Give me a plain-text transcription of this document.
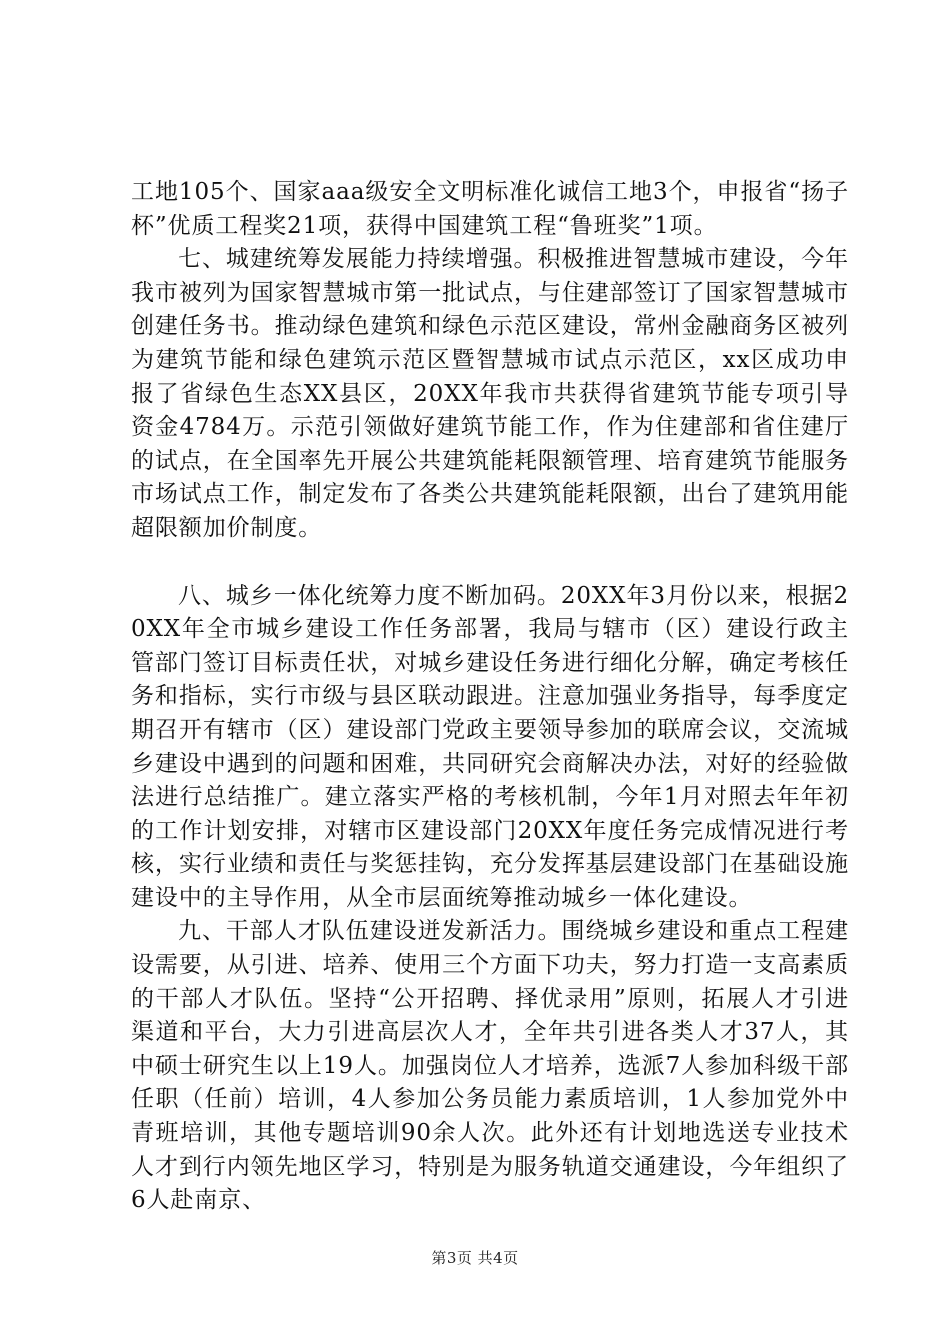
工地105个、国家aaa级安全文明标准化诚信工地3个，申报省“扬子杯”优质工程奖21项，获得中国建筑工程“鲁班奖”1项。

七、城建统筹发展能力持续增强。积极推进智慧城市建设，今年我市被列为国家智慧城市第一批试点，与住建部签订了国家智慧城市创建任务书。推动绿色建筑和绿色示范区建设，常州金融商务区被列为建筑节能和绿色建筑示范区暨智慧城市试点示范区，xx区成功申报了省绿色生态XX县区，20XX年我市共获得省建筑节能专项引导资金4784万。示范引领做好建筑节能工作，作为住建部和省住建厅的试点，在全国率先开展公共建筑能耗限额管理、培育建筑节能服务市场试点工作，制定发布了各类公共建筑能耗限额，出台了建筑用能超限额加价制度。

八、城乡一体化统筹力度不断加码。20XX年3月份以来，根据20XX年全市城乡建设工作任务部署，我局与辖市（区）建设行政主管部门签订目标责任状，对城乡建设任务进行细化分解，确定考核任务和指标，实行市级与县区联动跟进。注意加强业务指导，每季度定期召开有辖市（区）建设部门党政主要领导参加的联席会议，交流城乡建设中遇到的问题和困难，共同研究会商解决办法，对好的经验做法进行总结推广。建立落实严格的考核机制，今年1月对照去年年初的工作计划安排，对辖市区建设部门20XX年度任务完成情况进行考核，实行业绩和责任与奖惩挂钩，充分发挥基层建设部门在基础设施建设中的主导作用，从全市层面统筹推动城乡一体化建设。

九、干部人才队伍建设迸发新活力。围绕城乡建设和重点工程建设需要，从引进、培养、使用三个方面下功夫，努力打造一支高素质的干部人才队伍。坚持“公开招聘、择优录用”原则，拓展人才引进渠道和平台，大力引进高层次人才，全年共引进各类人才37人，其中硕士研究生以上19人。加强岗位人才培养，选派7人参加科级干部任职（任前）培训，4人参加公务员能力素质培训，1人参加党外中青班培训，其他专题培训90余人次。此外还有计划地选送专业技术人才到行内领先地区学习，特别是为服务轨道交通建设，今年组织了6人赴南京、

第3页 共4页
